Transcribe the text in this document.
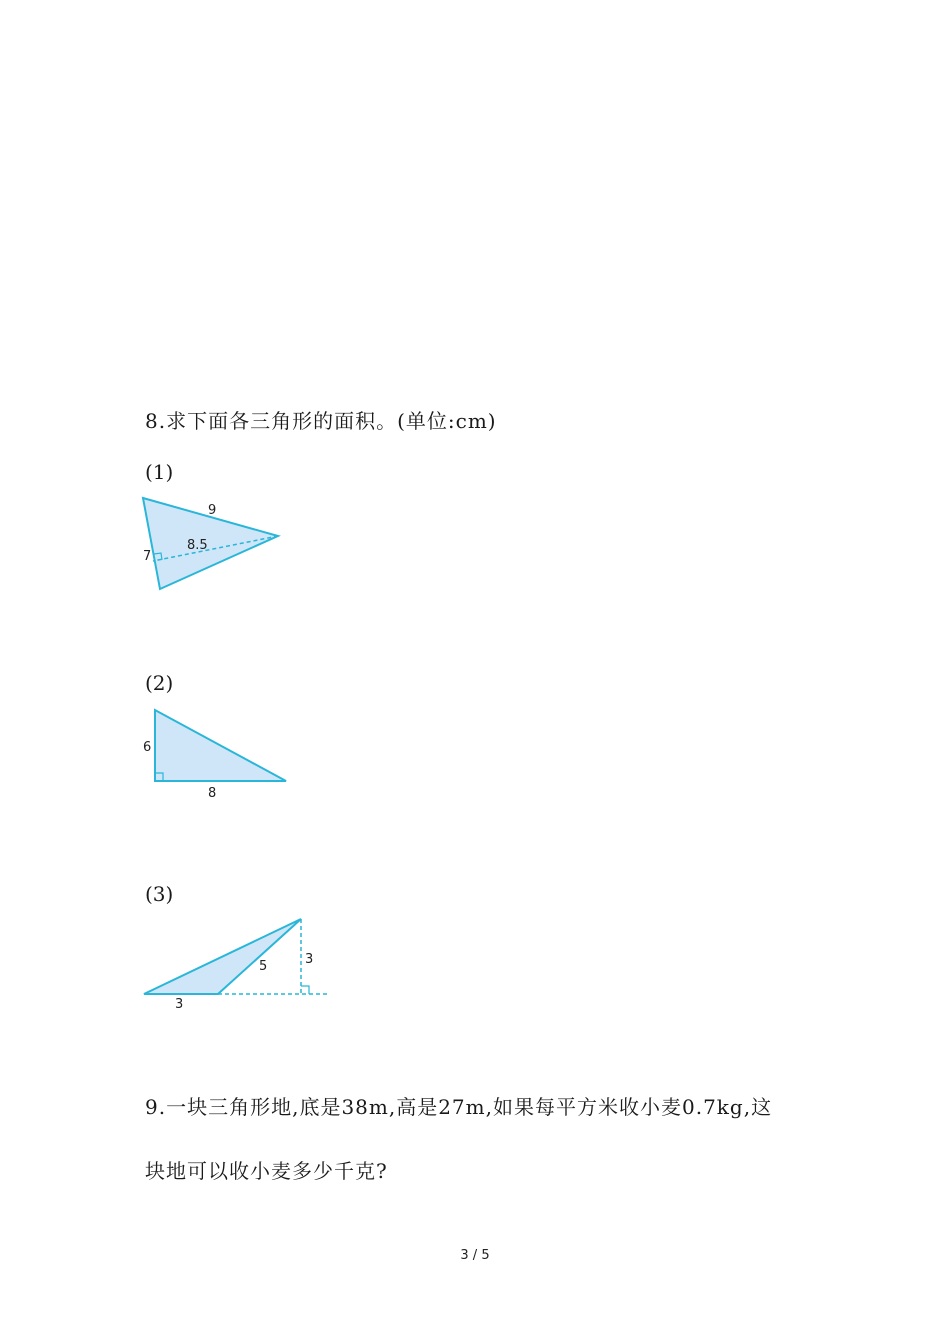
8.求下面各三角形的面积。(单位:cm)
(1)
9
8.5
7
(2)
6
8
(3)
3
5	3
9.一块三角形地,底是38m,高是27m,如果每平方米收小麦0.7kg,这
块地可以收小麦多少千克?
3 / 5
